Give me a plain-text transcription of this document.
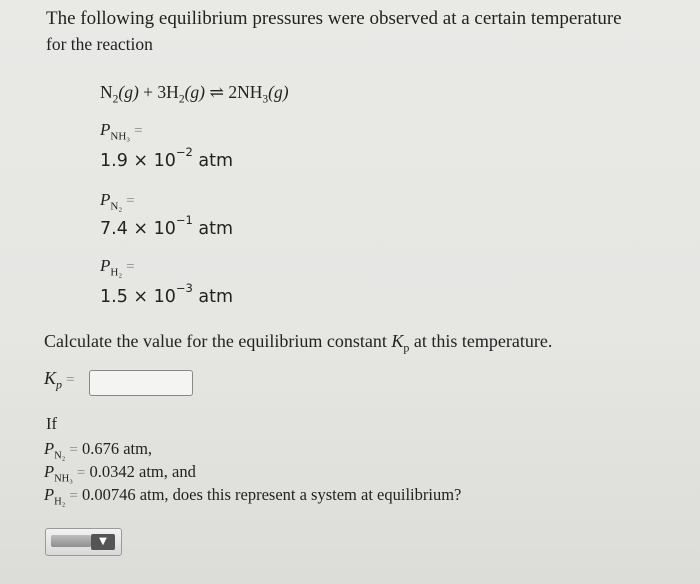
The following equilibrium pressures were observed at a certain temperature
for the reaction
$N_2(g) + 3H_2(g)$ ⇌ $2NH_3(g)$
$P_{NH_3}$ =
$1.9 \times 10^{-2}$ atm
$P_{N_2}$ =
$7.4 \times 10^{-1}$ atm
$P_{H_2}$ =
$1.5 \times 10^{-3}$ atm
Calculate the value for the equilibrium constant $K_p$ at this temperature.
$K_p$ =
If
$P_{N_2} = 0.676$ atm,
$P_{NH_3} = 0.0342$ atm, and
$P_{H_2} = 0.00746$ atm, does this represent a system at equilibrium?
▼
